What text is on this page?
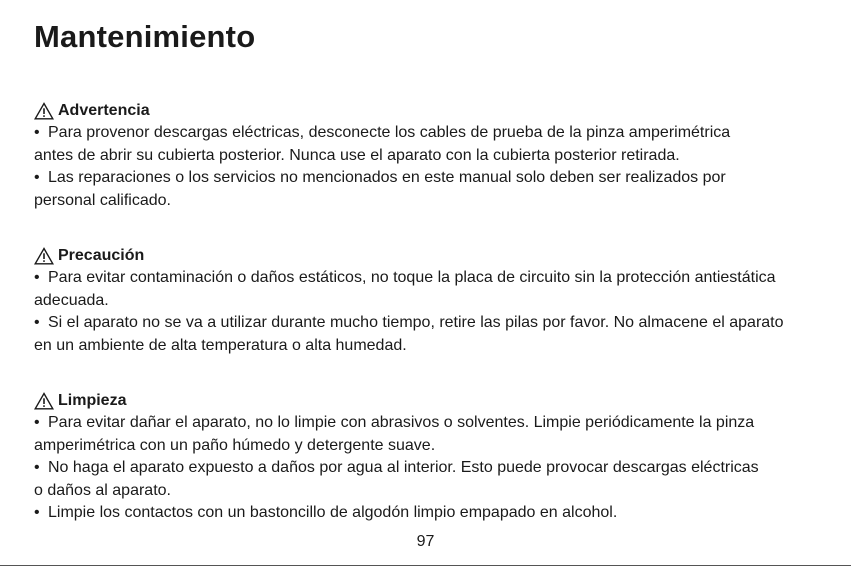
Mantenimiento
Advertencia

• Para provenor descargas eléctricas, desconecte los cables de prueba de la pinza amperimétrica
antes de abrir su cubierta posterior. Nunca use el aparato con la cubierta posterior retirada.

• Las reparaciones o los servicios no mencionados en este manual solo deben ser realizados por
personal calificado.

Precaución

• Para evitar contaminación o daños estáticos, no toque la placa de circuito sin la protección antiestática
adecuada.

• Si el aparato no se va a utilizar durante mucho tiempo, retire las pilas por favor. No almacene el aparato
en un ambiente de alta temperatura o alta humedad.

Limpieza

• Para evitar dañar el aparato, no lo limpie con abrasivos o solventes. Limpie periódicamente la pinza
amperimétrica con un paño húmedo y detergente suave.

• No haga el aparato expuesto a daños por agua al interior. Esto puede provocar descargas eléctricas
o daños al aparato.

• Limpie los contactos con un bastoncillo de algodón limpio empapado en alcohol.

97
